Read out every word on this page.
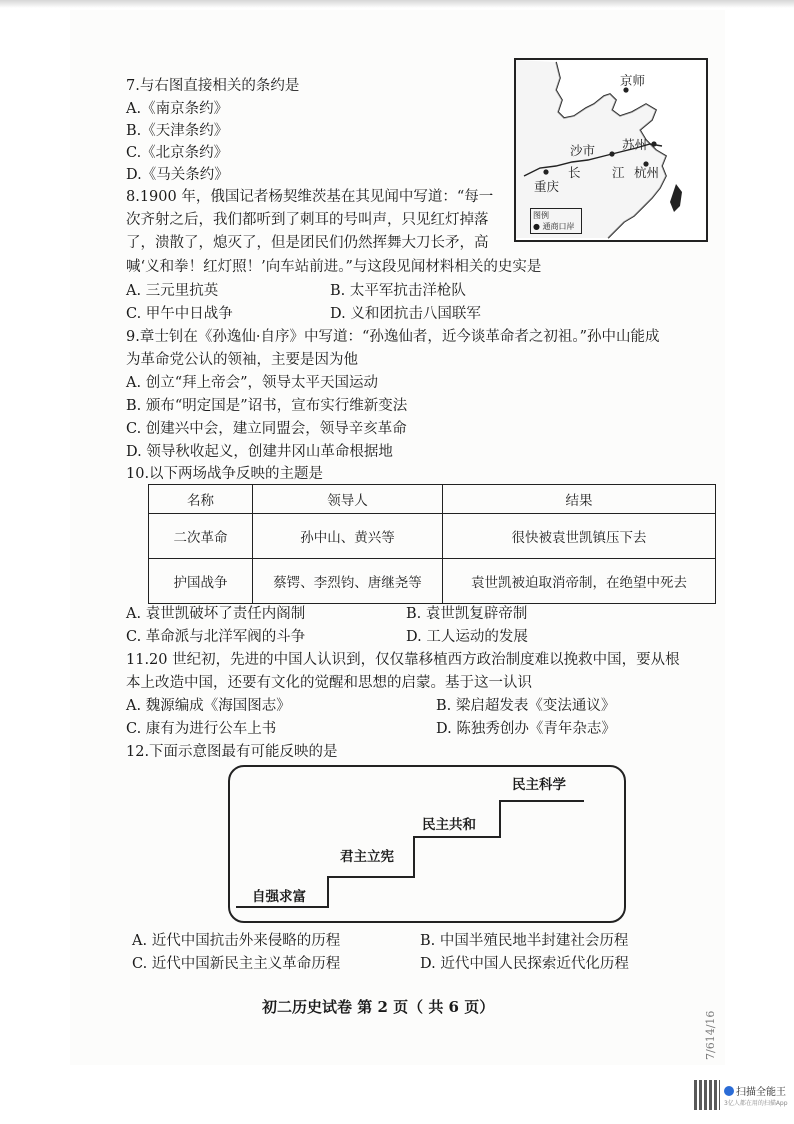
7.与右图直接相关的条约是
A.《南京条约》
B.《天津条约》
C.《北京条约》
D.《马关条约》
京师
苏州
沙市
长	江 杭州
重庆
图例
● 通商口岸
8.1900 年，俄国记者杨契维茨基在其见闻中写道：“每一
次齐射之后，我们都听到了刺耳的号叫声，只见红灯掉落
了，溃散了，熄灭了，但是团民们仍然挥舞大刀长矛，高
喊‘义和拳！红灯照！’向车站前进。”与这段见闻材料相关的史实是
A. 三元里抗英	B. 太平军抗击洋枪队
C. 甲午中日战争	D. 义和团抗击八国联军
9.章士钊在《孙逸仙·自序》中写道：“孙逸仙者，近今谈革命者之初祖。”孙中山能成
为革命党公认的领袖，主要是因为他
A. 创立“拜上帝会”，领导太平天国运动
B. 颁布“明定国是”诏书，宣布实行维新变法
C. 创建兴中会，建立同盟会，领导辛亥革命
D. 领导秋收起义，创建井冈山革命根据地
10.以下两场战争反映的主题是
名称	领导人	结果
二次革命	孙中山、黄兴等	很快被袁世凯镇压下去
护国战争	蔡锷、李烈钧、唐继尧等	袁世凯被迫取消帝制，在绝望中死去
A. 袁世凯破坏了责任内阁制	B. 袁世凯复辟帝制
C. 革命派与北洋军阀的斗争	D. 工人运动的发展
11.20 世纪初，先进的中国人认识到，仅仅靠移植西方政治制度难以挽救中国，要从根
本上改造中国，还要有文化的觉醒和思想的启蒙。基于这一认识
A. 魏源编成《海国图志》	B. 梁启超发表《变法通议》
C. 康有为进行公车上书	D. 陈独秀创办《青年杂志》
12.下面示意图最有可能反映的是
自强求富
君主立宪
民主共和
民主科学
A. 近代中国抗击外来侵略的历程	B. 中国半殖民地半封建社会历程
C. 近代中国新民主主义革命历程	D. 近代中国人民探索近代化历程
初二历史试卷 第 2 页（ 共 6 页）
7/614/16
扫描全能王
3亿人都在用的扫描App
